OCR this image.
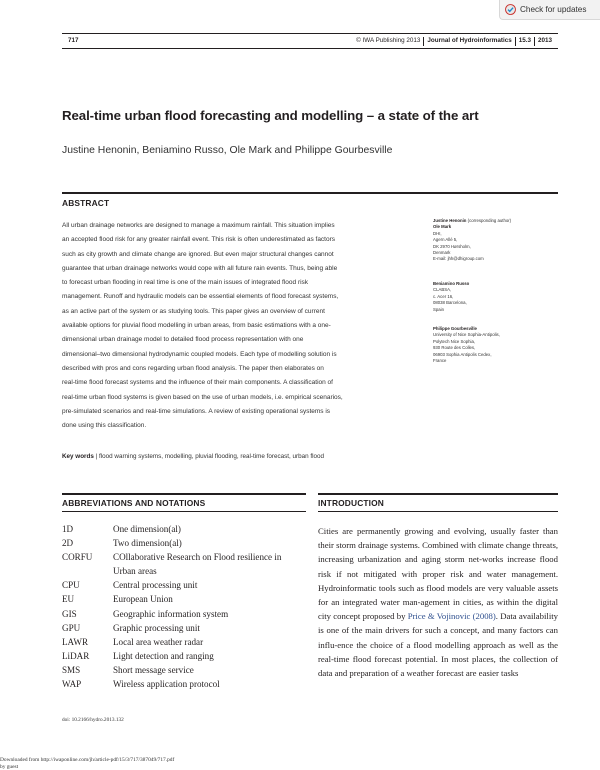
Check for updates
717	© IWA Publishing 2013 Journal of Hydroinformatics 15.3 2013
Real-time urban flood forecasting and modelling – a state of the art
Justine Henonin, Beniamino Russo, Ole Mark and Philippe Gourbesville
ABSTRACT

All urban drainage networks are designed to manage a maximum rainfall. This situation implies

an accepted flood risk for any greater rainfall event. This risk is often underestimated as factors

such as city growth and climate change are ignored. But even major structural changes cannot

guarantee that urban drainage networks would cope with all future rain events. Thus, being able

to forecast urban flooding in real time is one of the main issues of integrated flood risk

management. Runoff and hydraulic models can be essential elements of flood forecast systems,

as an active part of the system or as studying tools. This paper gives an overview of current

available options for pluvial flood modelling in urban areas, from basic estimations with a one-

dimensional urban drainage model to detailed flood process representation with one

dimensional–two dimensional hydrodynamic coupled models. Each type of modelling solution is

described with pros and cons regarding urban flood analysis. The paper then elaborates on

real-time flood forecast systems and the influence of their main components. A classification of

real-time urban flood systems is given based on the use of urban models, i.e. empirical scenarios,

pre-simulated scenarios and real-time simulations. A review of existing operational systems is

done using this classification.

Key words | flood warning systems, modelling, pluvial flooding, real-time forecast, urban flood
Justine Henonin (corresponding author)
Ole Mark
DHI,
Agern Allé 5,
DK 2970 Hørsholm,
Denmark
E-mail: jhh@dhigroup.com
Beniamino Russo
CLABSA,
c. Acer 16,
08038 Barcelona,
Spain
Philippe Gourbesville
University of Nice Sophia-Antipolis,
Polytech Nice Sophia,
930 Route des Colles,
06903 Sophia Antipolis Cedex,
France
ABBREVIATIONS AND NOTATIONS
1D	One dimension(al)
2D	Two dimension(al)
CORFU	COllaborative Research on Flood resilience in
	Urban areas
CPU	Central processing unit
EU	European Union
GIS	Geographic information system
GPU	Graphic processing unit
LAWR	Local area weather radar
LiDAR	Light detection and ranging
SMS	Short message service
WAP	Wireless application protocol
INTRODUCTION
Cities are permanently growing and evolving, usually faster than their storm drainage systems. Combined with climate change threats, increasing urbanization and aging storm net-works increase flood risk if not mitigated with proper risk and water management. Hydroinformatic tools such as flood models are very valuable assets for an integrated water man-agement in cities, as within the digital city concept proposed by Price & Vojinovic (2008). Data availability is one of the main drivers for such a concept, and many factors can influ-ence the choice of a flood modelling approach as well as the real-time flood forecast potential. In most places, the collection of data and preparation of a weather forecast are easier tasks
doi: 10.2166/hydro.2013.132
Downloaded from http://iwaponline.com/jh/article-pdf/15/3/717/387049/717.pdf
by guest
